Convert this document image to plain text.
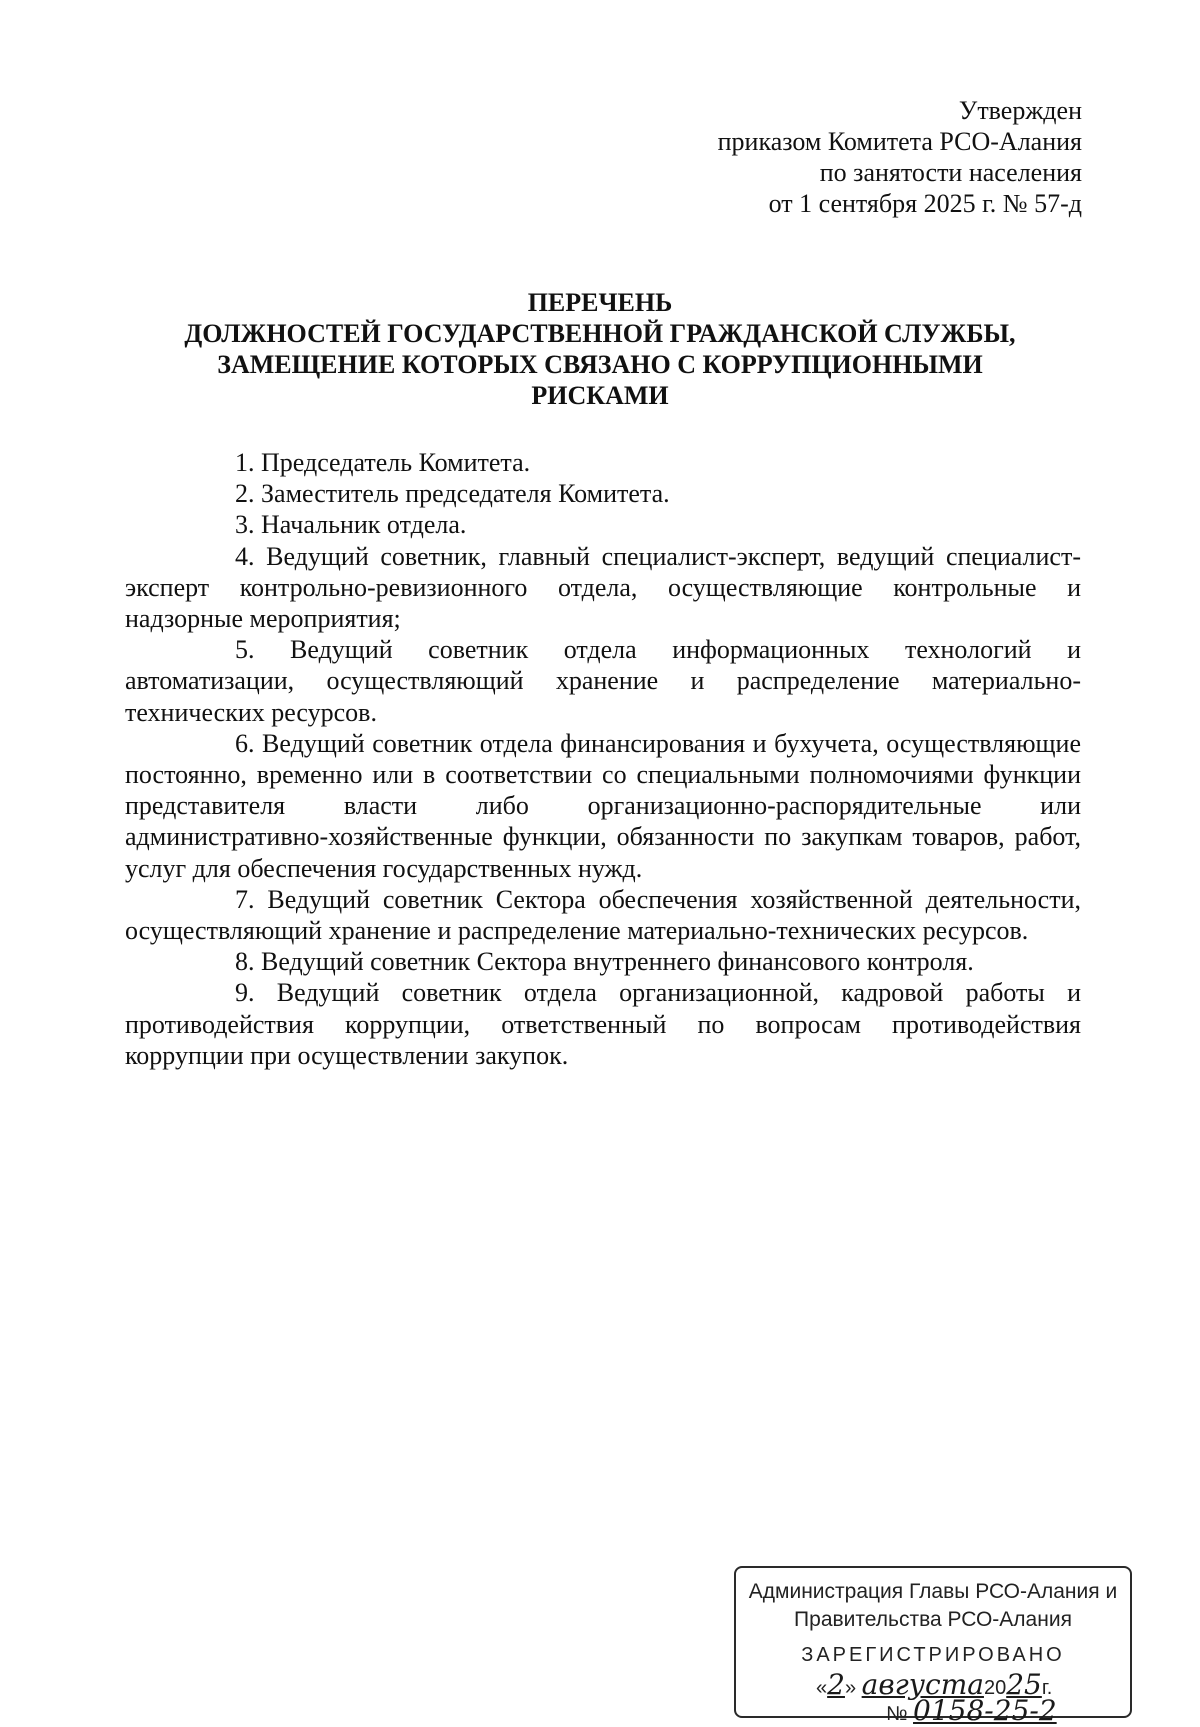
Утвержден
приказом Комитета РСО-Алания
по занятости населения
от 1 сентября 2025 г. № 57-д
ПЕРЕЧЕНЬ
ДОЛЖНОСТЕЙ ГОСУДАРСТВЕННОЙ ГРАЖДАНСКОЙ СЛУЖБЫ,
ЗАМЕЩЕНИЕ КОТОРЫХ СВЯЗАНО С КОРРУПЦИОННЫМИ
РИСКАМИ

1. Председатель Комитета.

2. Заместитель председателя Комитета.

3. Начальник отдела.

4. Ведущий советник, главный специалист-эксперт, ведущий специалист-эксперт контрольно-ревизионного отдела, осуществляющие контрольные и надзорные мероприятия;

5. Ведущий советник отдела информационных технологий и автоматизации, осуществляющий хранение и распределение материально-технических ресурсов.

6. Ведущий советник отдела финансирования и бухучета, осуществляющие постоянно, временно или в соответствии со специальными полномочиями функции представителя власти либо организационно-распорядительные или административно-хозяйственные функции, обязанности по закупкам товаров, работ, услуг для обеспечения государственных нужд.

7. Ведущий советник Сектора обеспечения хозяйственной деятельности, осуществляющий хранение и распределение материально-технических ресурсов.

8. Ведущий советник Сектора внутреннего финансового контроля.

9. Ведущий советник отдела организационной, кадровой работы и противодействия коррупции, ответственный по вопросам противодействия коррупции при осуществлении закупок.

Администрация Главы РСО-Алания и
Правительства РСО-Алания
ЗАРЕГИСТРИРОВАНО
«2» августа2025г.
№ 0158-25-2
